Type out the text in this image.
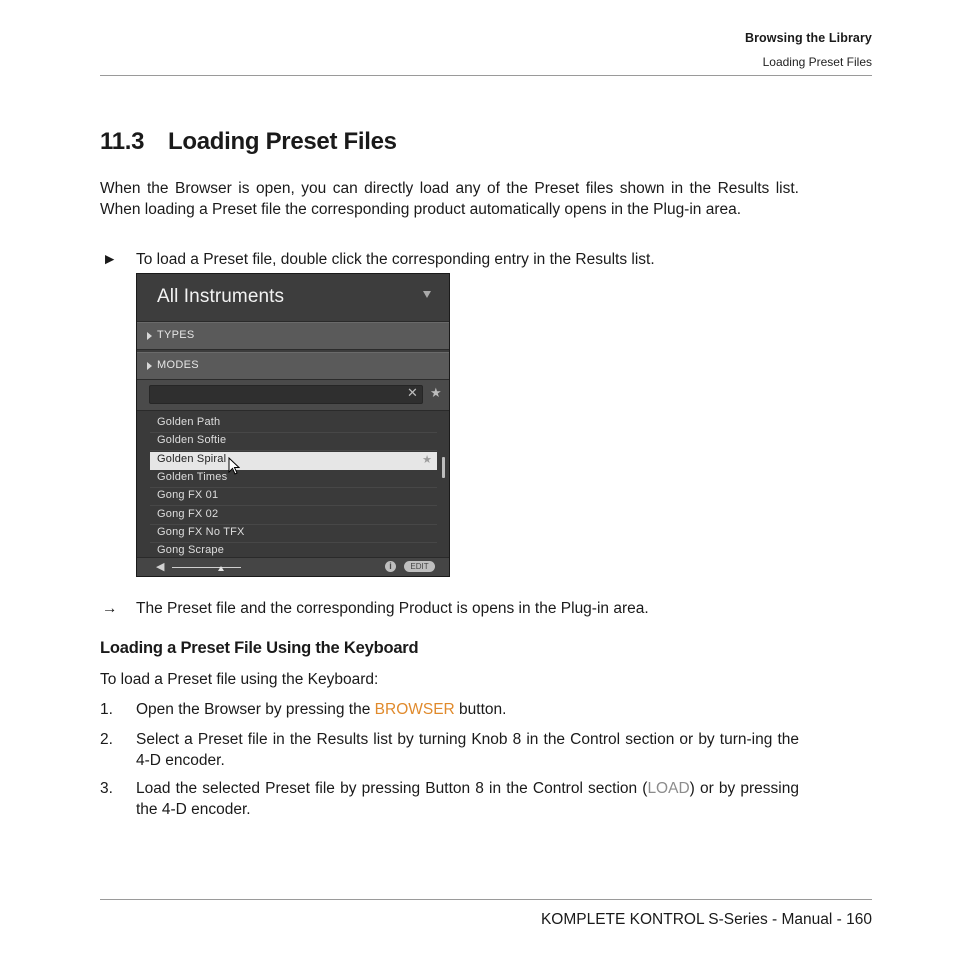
Browsing the Library
Loading Preset Files
11.3 Loading Preset Files
When the Browser is open, you can directly load any of the Preset files shown in the Results list. When loading a Preset file the corresponding product automatically opens in the Plug-in area.
► To load a Preset file, double click the corresponding entry in the Results list.
All Instruments
TYPES
MODES
✕ ★
Golden Path
Golden Softie
Golden Spiral	★
Golden Times
Gong FX 01
Gong FX 02
Gong FX No TFX
Gong Scrape
◀	i	EDIT
→ The Preset file and the corresponding Product is opens in the Plug-in area.
Loading a Preset File Using the Keyboard
To load a Preset file using the Keyboard:
1. Open the Browser by pressing the BROWSER button.
2. Select a Preset file in the Results list by turning Knob 8 in the Control section or by turn-ing the 4-D encoder.
3. Load the selected Preset file by pressing Button 8 in the Control section (LOAD) or by pressing the 4-D encoder.
KOMPLETE KONTROL S-Series - Manual - 160
